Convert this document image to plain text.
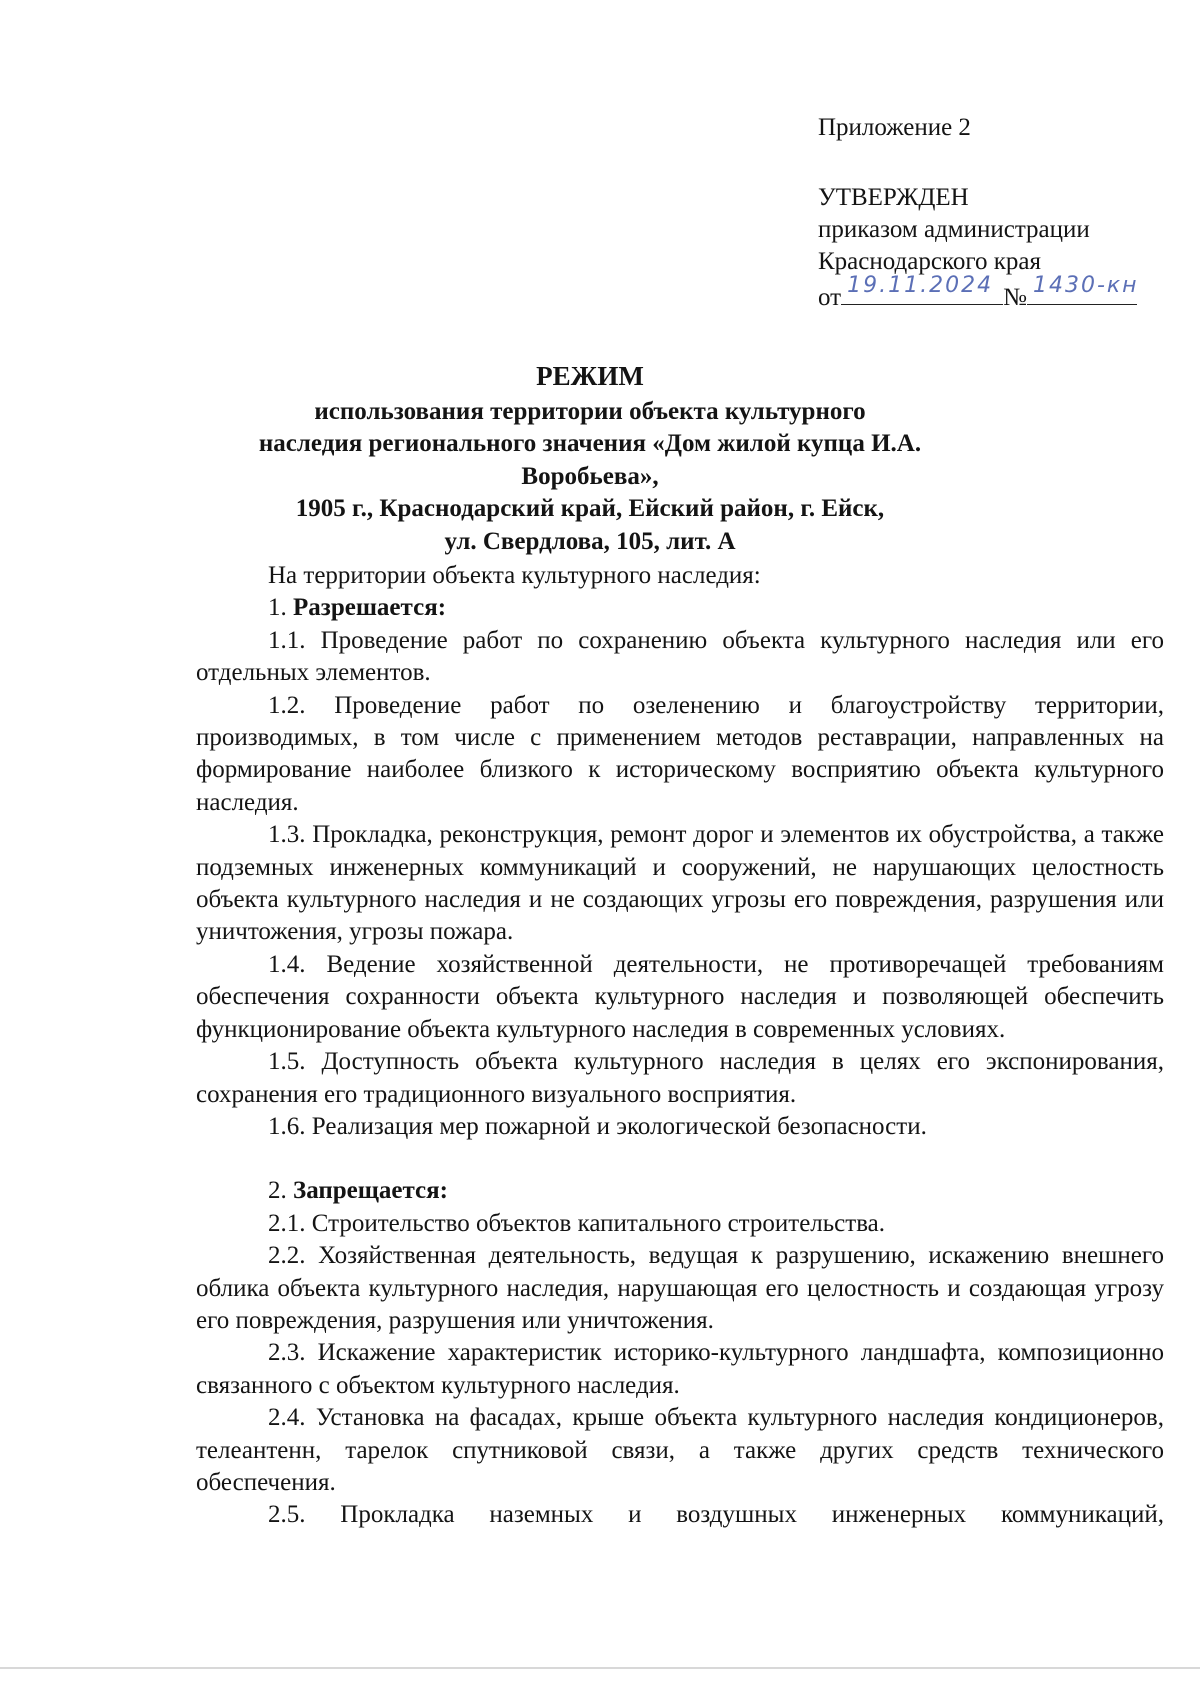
Приложение 2
УТВЕРЖДЕН
приказом администрации
Краснодарского края
от 19.11.2024 № 1430-кн
РЕЖИМ
использования территории объекта культурного
наследия регионального значения «Дом жилой купца И.А. Воробьева»,
1905 г., Краснодарский край, Ейский район, г. Ейск,
ул. Свердлова, 105, лит. А

На территории объекта культурного наследия:

1. Разрешается:

1.1. Проведение работ по сохранению объекта культурного наследия или его отдельных элементов.

1.2. Проведение работ по озеленению и благоустройству территории, производимых, в том числе с применением методов реставрации, направленных на формирование наиболее близкого к историческому восприятию объекта культурного наследия.

1.3. Прокладка, реконструкция, ремонт дорог и элементов их обустройства, а также подземных инженерных коммуникаций и сооружений, не нарушающих целостность объекта культурного наследия и не создающих угрозы его повреждения, разрушения или уничтожения, угрозы пожара.

1.4. Ведение хозяйственной деятельности, не противоречащей требованиям обеспечения сохранности объекта культурного наследия и позволяющей обеспечить функционирование объекта культурного наследия в современных условиях.

1.5. Доступность объекта культурного наследия в целях его экспонирования, сохранения его традиционного визуального восприятия.

1.6. Реализация мер пожарной и экологической безопасности.

2. Запрещается:

2.1. Строительство объектов капитального строительства.

2.2. Хозяйственная деятельность, ведущая к разрушению, искажению внешнего облика объекта культурного наследия, нарушающая его целостность и создающая угрозу его повреждения, разрушения или уничтожения.

2.3. Искажение характеристик историко-культурного ландшафта, композиционно связанного с объектом культурного наследия.

2.4. Установка на фасадах, крыше объекта культурного наследия кондиционеров, телеантенн, тарелок спутниковой связи, а также других средств технического обеспечения.

2.5. Прокладка наземных и воздушных инженерных коммуникаций,
